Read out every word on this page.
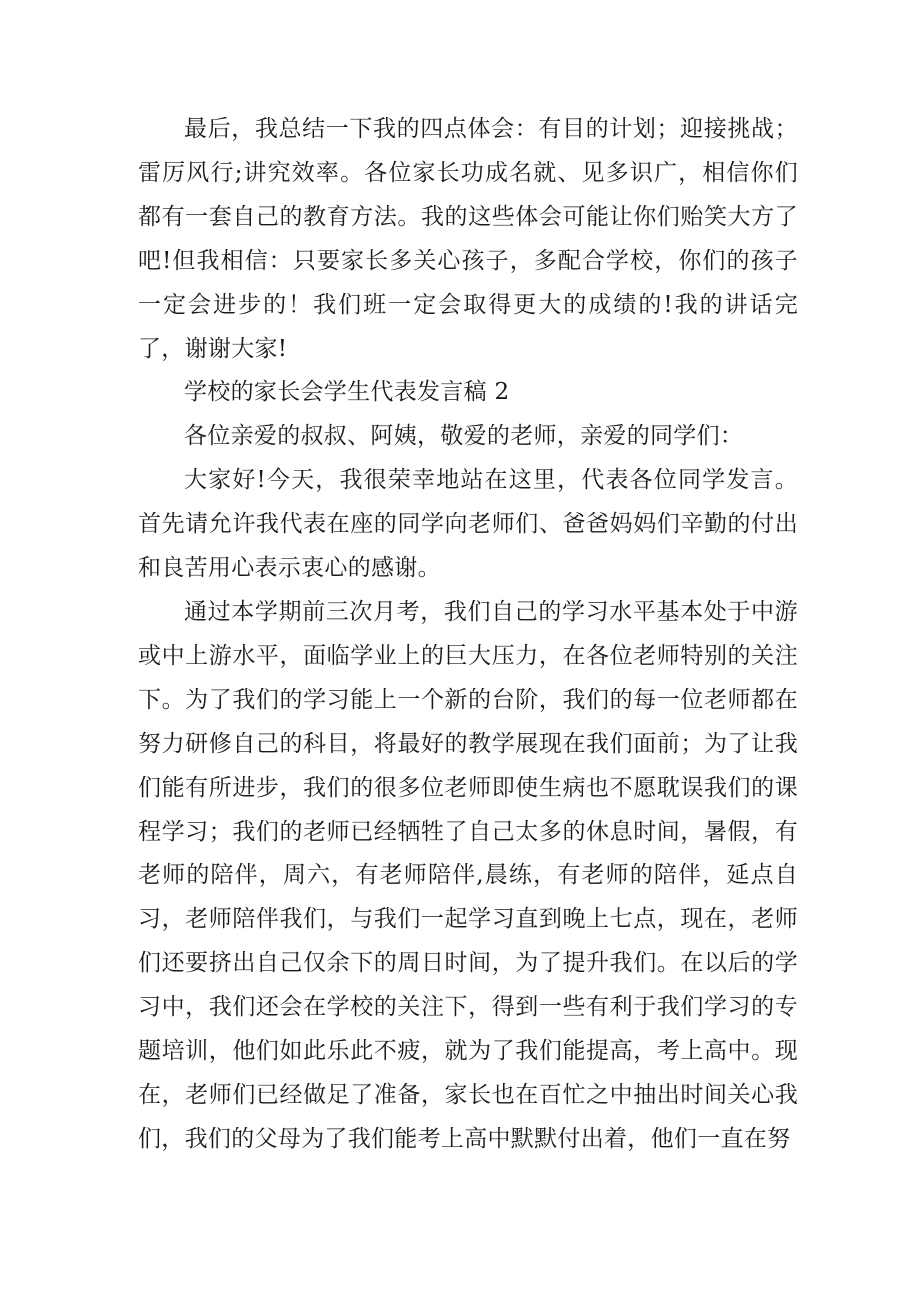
最后，我总结一下我的四点体会：有目的计划；迎接挑战；雷厉风行;讲究效率。各位家长功成名就、见多识广，相信你们都有一套自己的教育方法。我的这些体会可能让你们贻笑大方了吧!但我相信：只要家长多关心孩子，多配合学校，你们的孩子一定会进步的！我们班一定会取得更大的成绩的!我的讲话完了，谢谢大家!

学校的家长会学生代表发言稿 2

各位亲爱的叔叔、阿姨，敬爱的老师，亲爱的同学们：

大家好!今天，我很荣幸地站在这里，代表各位同学发言。首先请允许我代表在座的同学向老师们、爸爸妈妈们辛勤的付出和良苦用心表示衷心的感谢。

通过本学期前三次月考，我们自己的学习水平基本处于中游或中上游水平，面临学业上的巨大压力，在各位老师特别的关注下。为了我们的学习能上一个新的台阶，我们的每一位老师都在努力研修自己的科目，将最好的教学展现在我们面前；为了让我们能有所进步，我们的很多位老师即使生病也不愿耽误我们的课程学习；我们的老师已经牺牲了自己太多的休息时间，暑假，有老师的陪伴，周六，有老师陪伴,晨练，有老师的陪伴，延点自习，老师陪伴我们，与我们一起学习直到晚上七点，现在，老师们还要挤出自己仅余下的周日时间，为了提升我们。在以后的学习中，我们还会在学校的关注下，得到一些有利于我们学习的专题培训，他们如此乐此不疲，就为了我们能提高，考上高中。现在，老师们已经做足了准备，家长也在百忙之中抽出时间关心我们，我们的父母为了我们能考上高中默默付出着，他们一直在努
